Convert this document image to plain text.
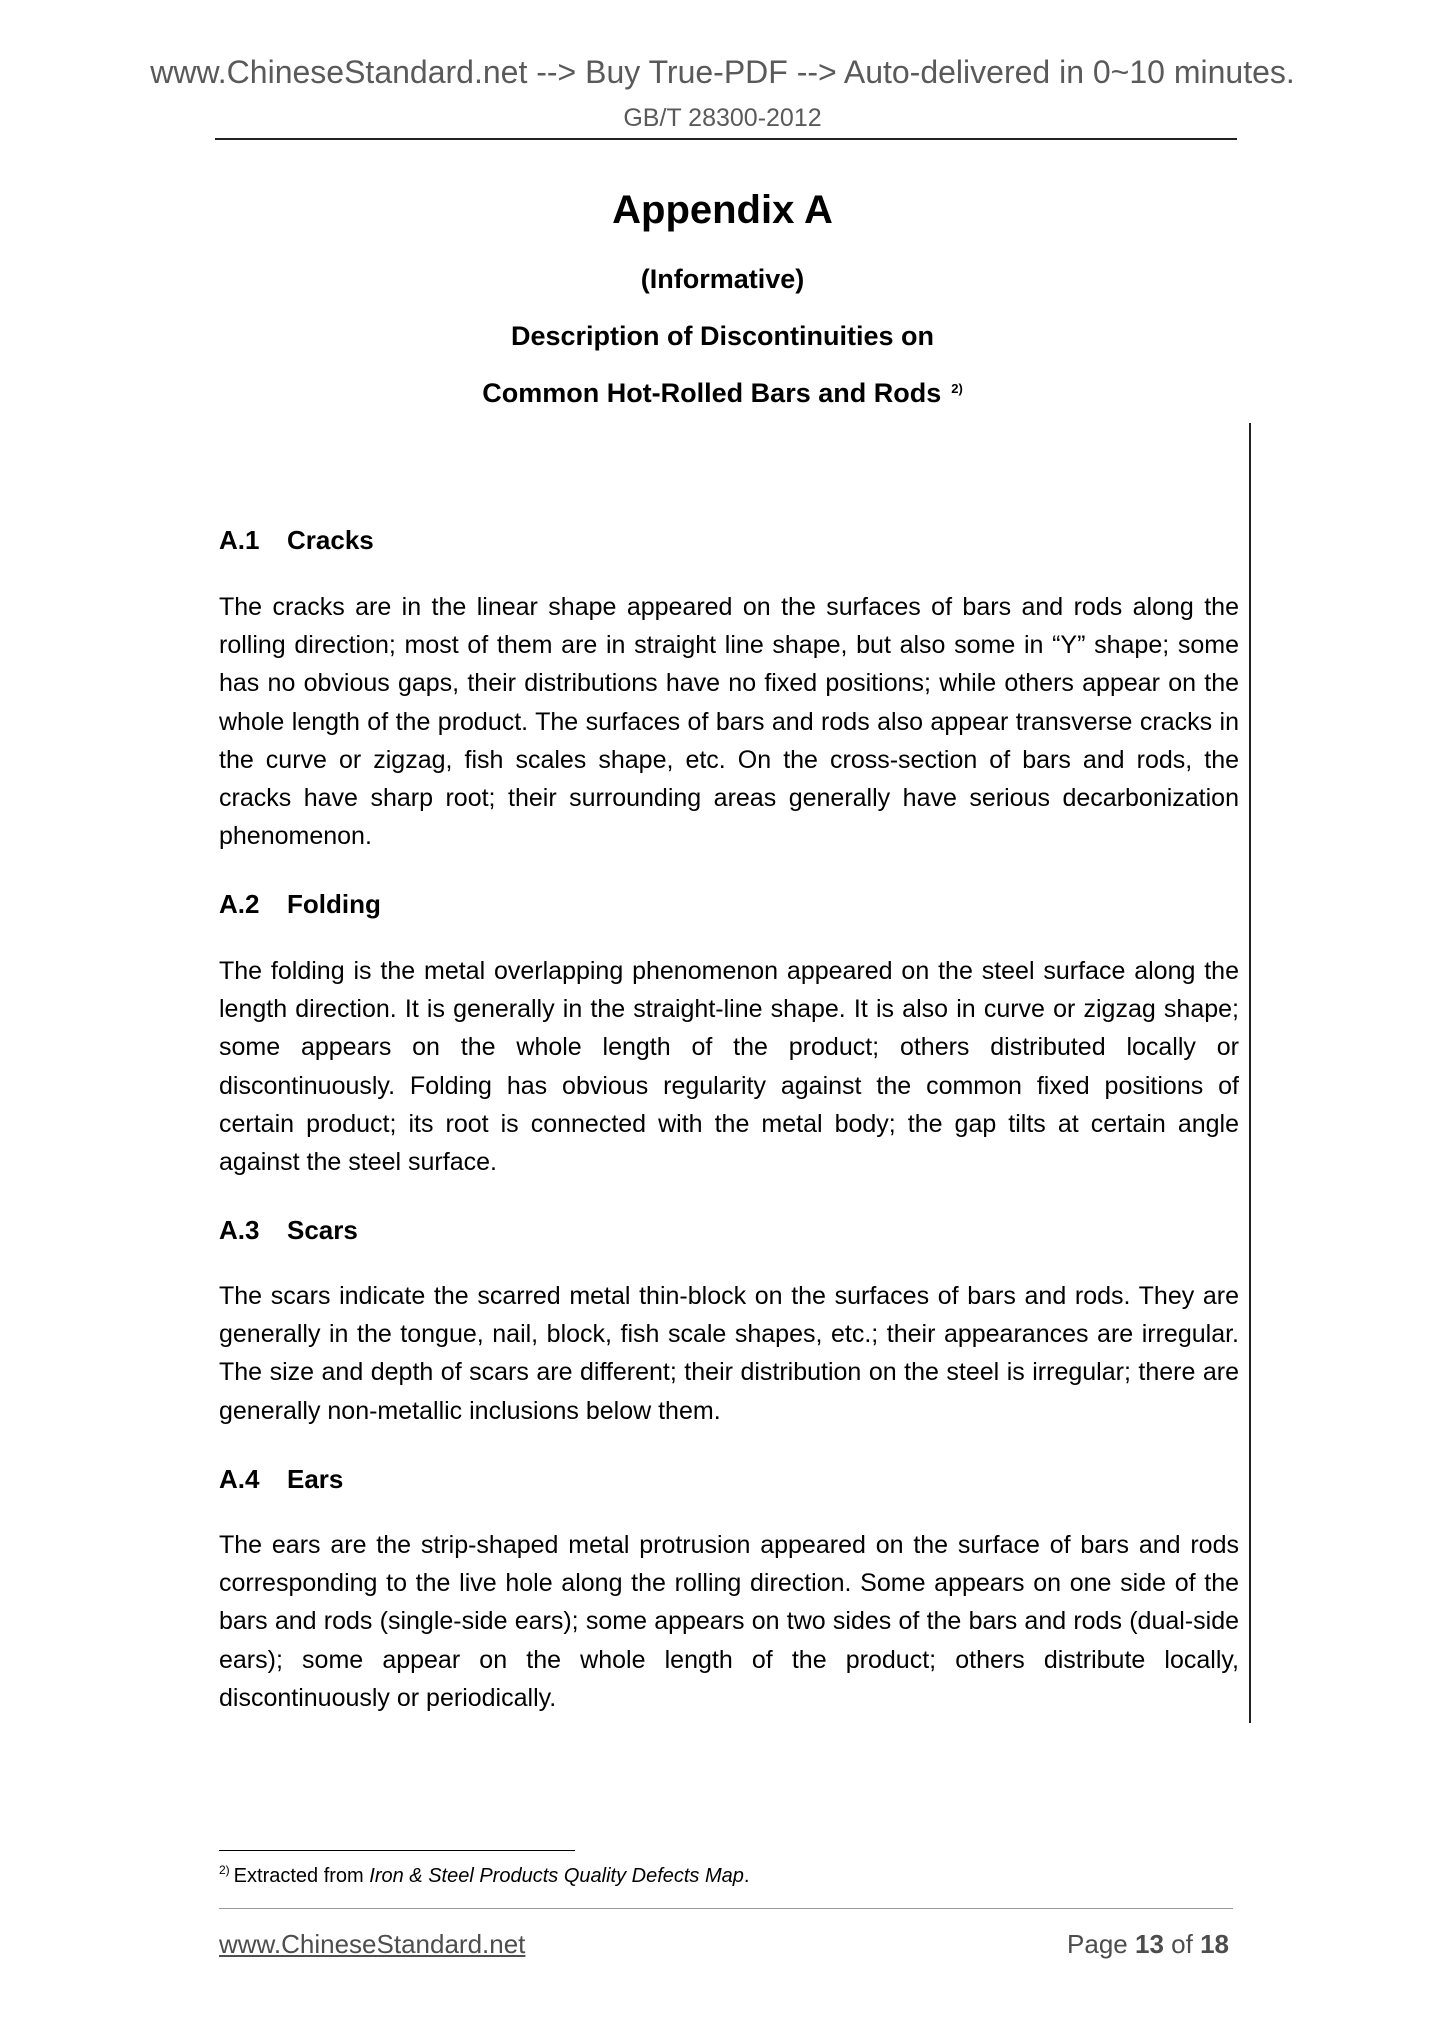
www.ChineseStandard.net --> Buy True-PDF --> Auto-delivered in 0~10 minutes.
GB/T 28300-2012
Appendix A
(Informative)
Description of Discontinuities on
Common Hot-Rolled Bars and Rods $^{2)}$
A.1 Cracks

The cracks are in the linear shape appeared on the surfaces of bars and rods along the rolling direction; most of them are in straight line shape, but also some in “Y” shape; some has no obvious gaps, their distributions have no fixed positions; while others appear on the whole length of the product. The surfaces of bars and rods also appear transverse cracks in the curve or zigzag, fish scales shape, etc. On the cross-section of bars and rods, the cracks have sharp root; their surrounding areas generally have serious decarbonization phenomenon.

A.2 Folding

The folding is the metal overlapping phenomenon appeared on the steel surface along the length direction. It is generally in the straight-line shape. It is also in curve or zigzag shape; some appears on the whole length of the product; others distributed locally or discontinuously. Folding has obvious regularity against the common fixed positions of certain product; its root is connected with the metal body; the gap tilts at certain angle against the steel surface.

A.3 Scars

The scars indicate the scarred metal thin-block on the surfaces of bars and rods. They are generally in the tongue, nail, block, fish scale shapes, etc.; their appearances are irregular. The size and depth of scars are different; their distribution on the steel is irregular; there are generally non-metallic inclusions below them.

A.4 Ears

The ears are the strip-shaped metal protrusion appeared on the surface of bars and rods corresponding to the live hole along the rolling direction. Some appears on one side of the bars and rods (single-side ears); some appears on two sides of the bars and rods (dual-side ears); some appear on the whole length of the product; others distribute locally, discontinuously or periodically.

$^{2)}$ Extracted from Iron & Steel Products Quality Defects Map.
www.ChineseStandard.net	Page 13 of 18
